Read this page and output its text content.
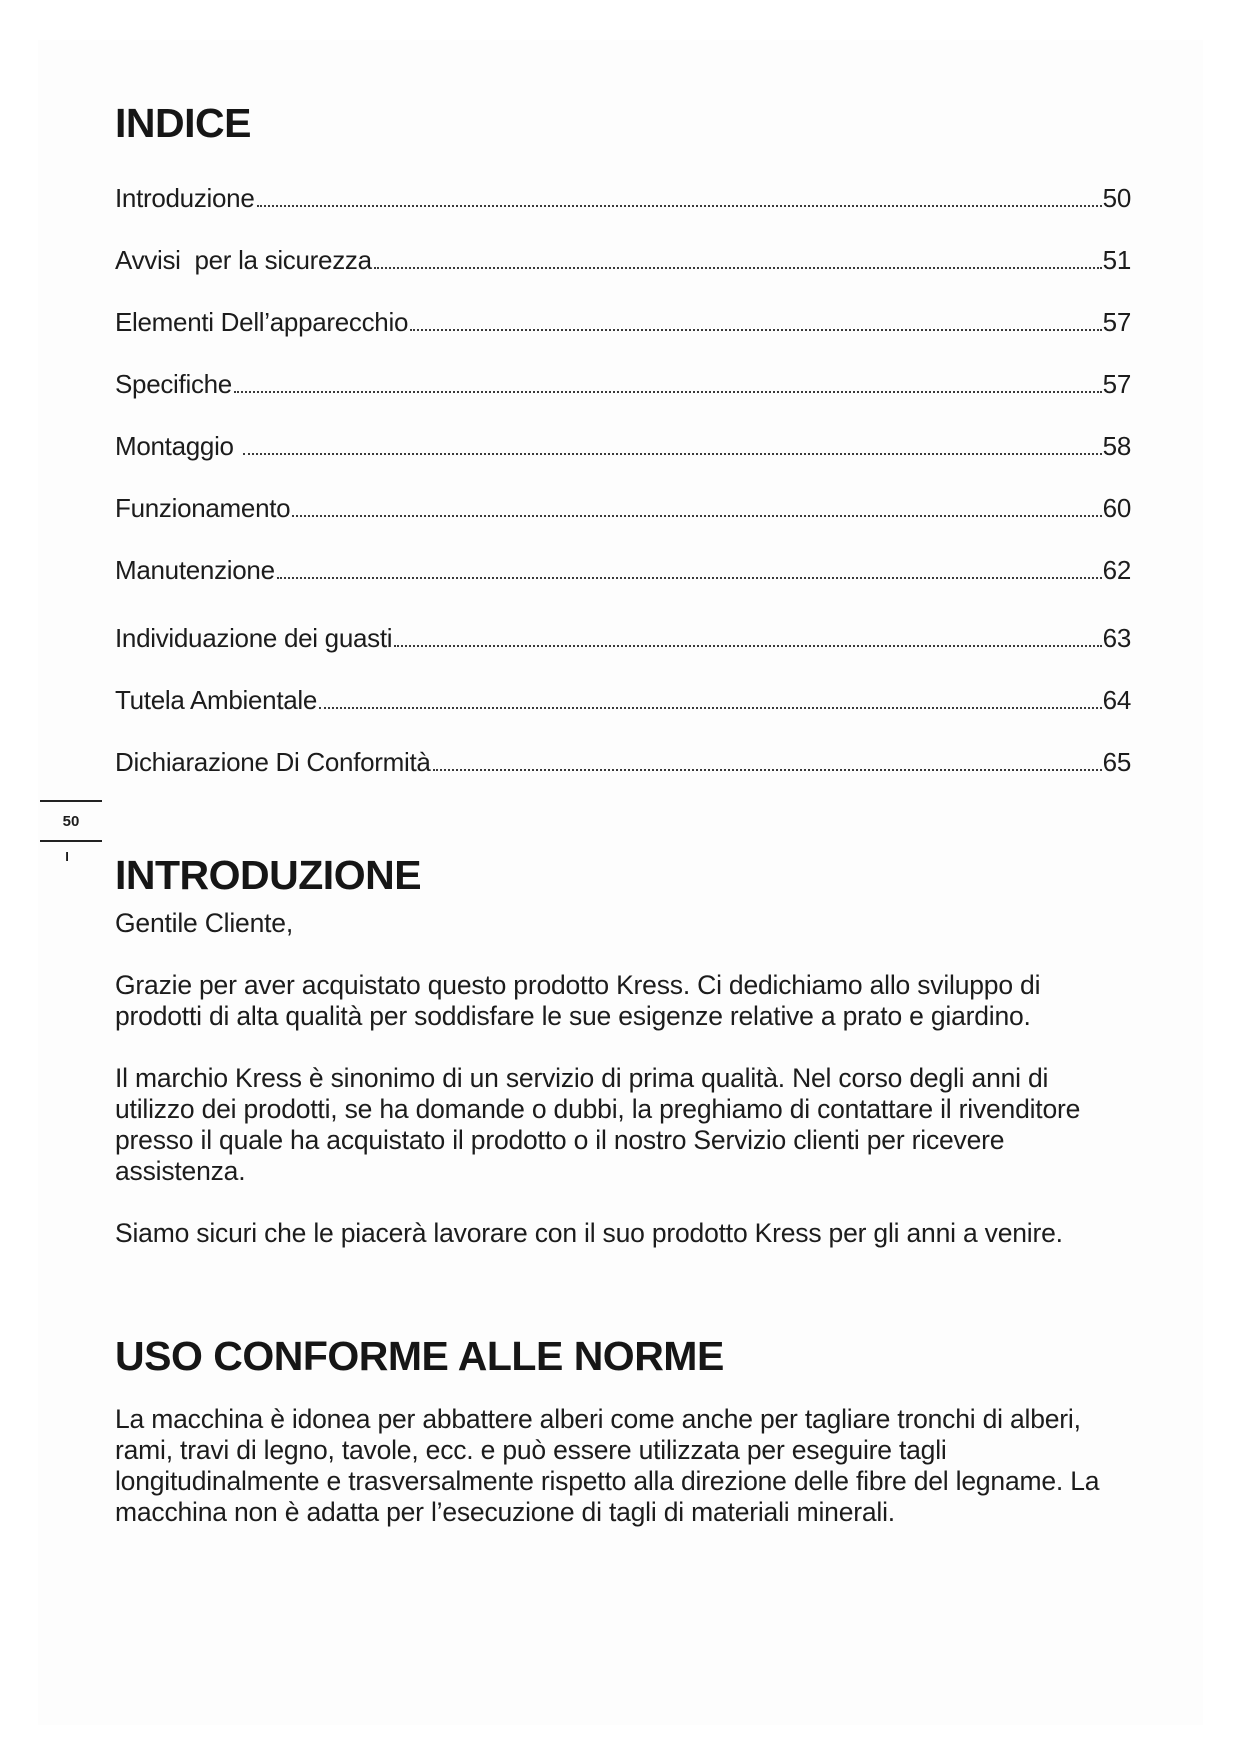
INDICE
Introduzione	50
Avvisi  per la sicurezza	51
Elementi Dell’apparecchio	57
Specifiche	57
Montaggio	58
Funzionamento	60
Manutenzione	62
Individuazione dei guasti	63
Tutela Ambientale	64
Dichiarazione Di Conformità	65
50
I	INTRODUZIONE

Gentile Cliente,

Grazie per aver acquistato questo prodotto Kress. Ci dedichiamo allo sviluppo di prodotti di alta qualità per soddisfare le sue esigenze relative a prato e giardino.

Il marchio Kress è sinonimo di un servizio di prima qualità. Nel corso degli anni di utilizzo dei prodotti, se ha domande o dubbi, la preghiamo di contattare il rivenditore presso il quale ha acquistato il prodotto o il nostro Servizio clienti per ricevere assistenza.

Siamo sicuri che le piacerà lavorare con il suo prodotto Kress per gli anni a venire.

USO CONFORME ALLE NORME

La macchina è idonea per abbattere alberi come anche per tagliare tronchi di alberi, rami, travi di legno, tavole, ecc. e può essere utilizzata per eseguire tagli longitudinalmente e trasversalmente rispetto alla direzione delle fibre del legname. La macchina non è adatta per l’esecuzione di tagli di materiali minerali.
